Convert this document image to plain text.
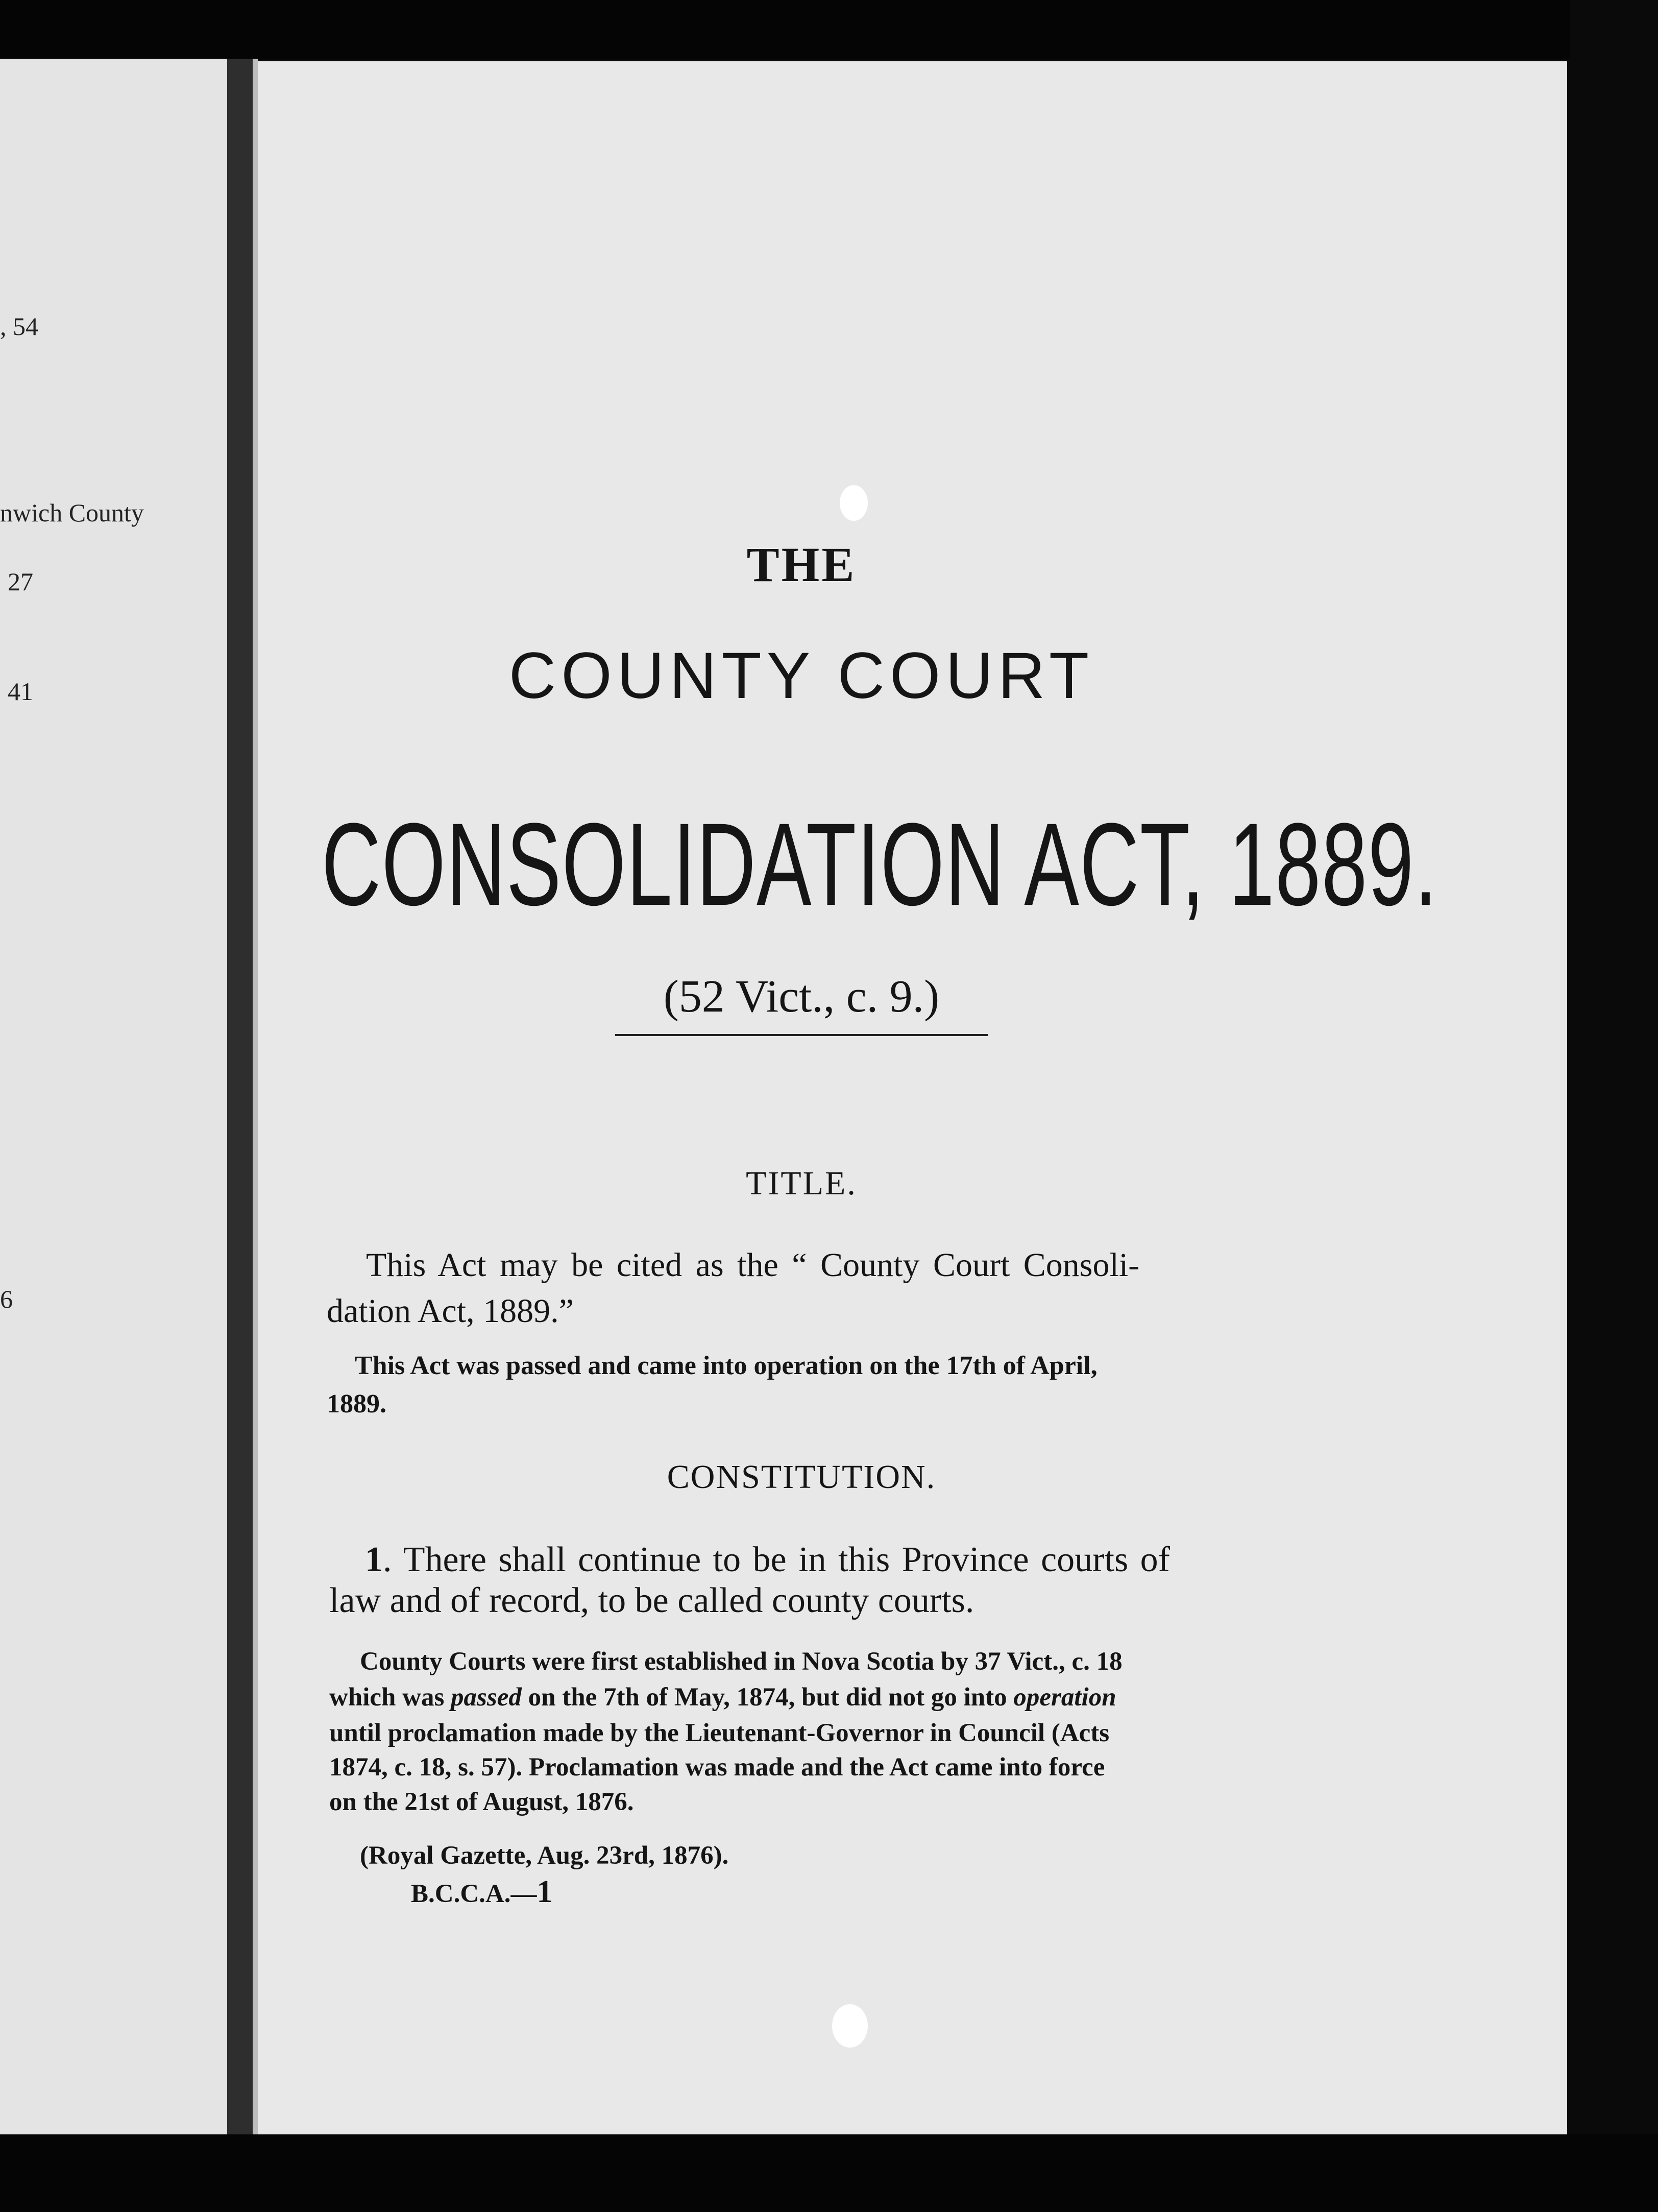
, 54
nwich County
27
41
6
THE
COUNTY COURT
CONSOLIDATION ACT, 1889.
(52 Vict., c. 9.)
TITLE.
This Act may be cited as the “ County Court Consoli-
dation Act, 1889.”
This Act was passed and came into operation on the 17th of April,
1889.
CONSTITUTION.
1. There shall continue to be in this Province courts of
law and of record, to be called county courts.
County Courts were first established in Nova Scotia by 37 Vict., c. 18
which was passed on the 7th of May, 1874, but did not go into operation
until proclamation made by the Lieutenant-Governor in Council (Acts
1874, c. 18, s. 57). Proclamation was made and the Act came into force
on the 21st of August, 1876.
(Royal Gazette, Aug. 23rd, 1876).
B.C.C.A.—1
